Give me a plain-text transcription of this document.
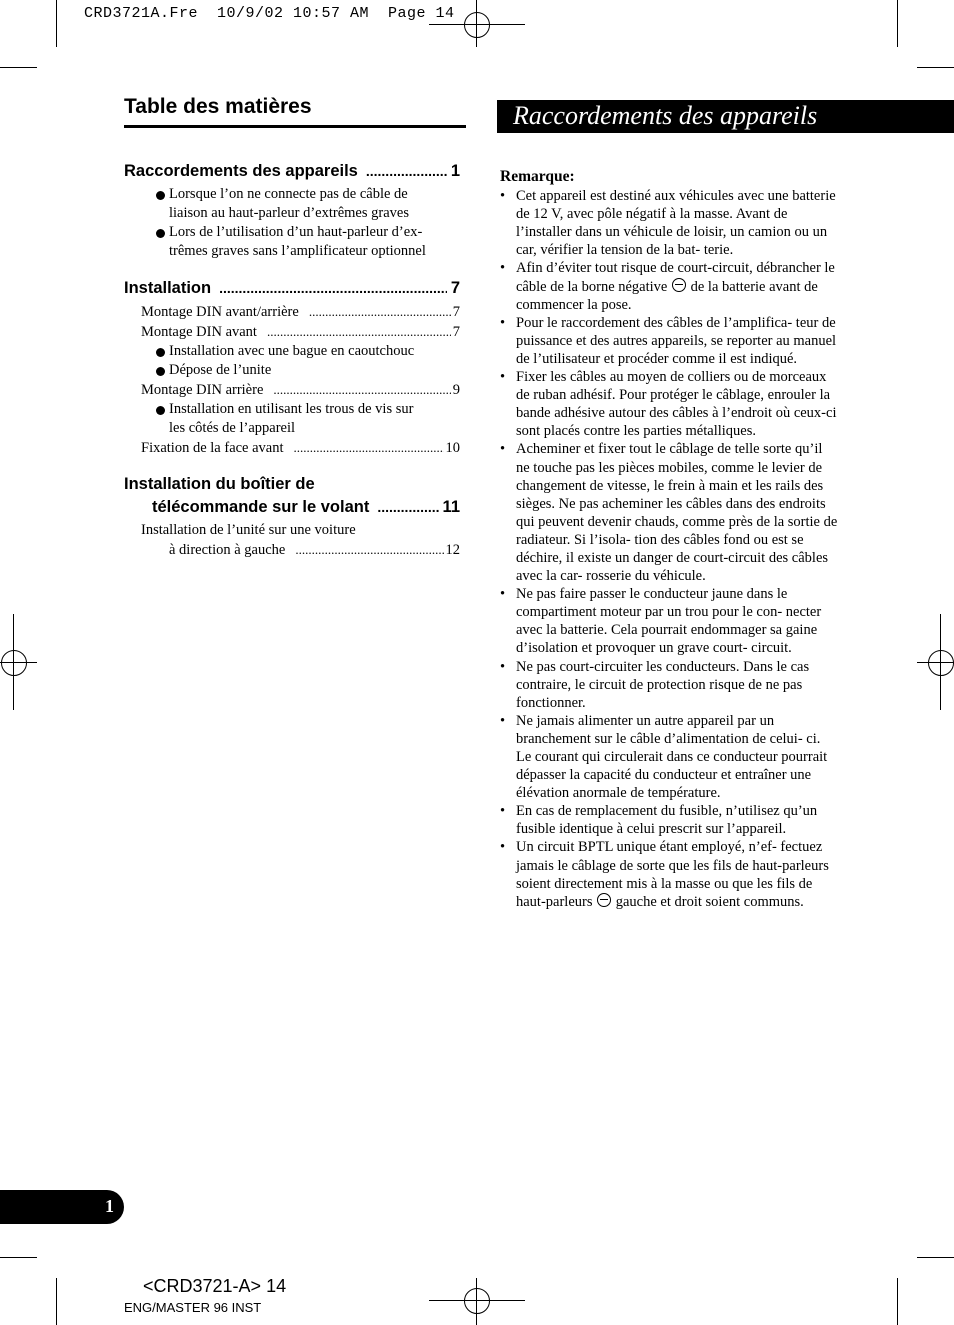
CRD3721A.Fre  10/9/02 10:57 AM  Page 14
Table des matières	Raccordements des appareils
Raccordements des appareils .....	1
Lorsque l’on ne connecte pas de câble de
liaison au haut-parleur d’extrêmes graves
Lors de l’utilisation d’un haut-parleur d’ex-
trêmes graves sans l’amplificateur optionnel
Installation .....	7
Montage DIN avant/arrière .....	7
Montage DIN avant .....	7
Installation avec une bague en caoutchouc
Dépose de l’unite
Montage DIN arrière .....	9
Installation en utilisant les trous de vis sur
les côtés de l’appareil
Fixation de la face avant .....	10
Installation du boîtier de
télécommande sur le volant .....	11
Installation de l’unité sur une voiture
à direction à gauche .....	12
Remarque:
• Cet appareil est destiné aux véhicules avec une batterie de 12 V, avec pôle négatif à la masse. Avant de l’installer dans un véhicule de loisir, un camion ou un car, vérifier la tension de la bat- terie.
• Afin d’éviter tout risque de court-circuit, débrancher le câble de la borne négative de la batterie avant de commencer la pose.
• Pour le raccordement des câbles de l’amplifica- teur de puissance et des autres appareils, se reporter au manuel de l’utilisateur et procéder comme il est indiqué.
• Fixer les câbles au moyen de colliers ou de morceaux de ruban adhésif. Pour protéger le câblage, enrouler la bande adhésive autour des câbles à l’endroit où ceux-ci sont placés contre les parties métalliques.
• Acheminer et fixer tout le câblage de telle sorte qu’il ne touche pas les pièces mobiles, comme le levier de changement de vitesse, le frein à main et les rails des sièges. Ne pas acheminer les câbles dans des endroits qui peuvent devenir chauds, comme près de la sortie de radiateur. Si l’isola- tion des câbles fond ou est se déchire, il existe un danger de court-circuit des câbles avec la car- rosserie du véhicule.
• Ne pas faire passer le conducteur jaune dans le compartiment moteur par un trou pour le con- necter avec la batterie. Cela pourrait endommager sa gaine d’isolation et provoquer un grave court- circuit.
• Ne pas court-circuiter les conducteurs. Dans le cas contraire, le circuit de protection risque de ne pas fonctionner.
• Ne jamais alimenter un autre appareil par un branchement sur le câble d’alimentation de celui- ci. Le courant qui circulerait dans ce conducteur pourrait dépasser la capacité du conducteur et entraîner une élévation anormale de température.
• En cas de remplacement du fusible, n’utilisez qu’un fusible identique à celui prescrit sur l’appareil.
• Un circuit BPTL unique étant employé, n’ef- fectuez jamais le câblage de sorte que les fils de haut-parleurs soient directement mis à la masse ou que les fils de haut-parleurs gauche et droit soient communs.
1
<CRD3721-A> 14
ENG/MASTER 96 INST
